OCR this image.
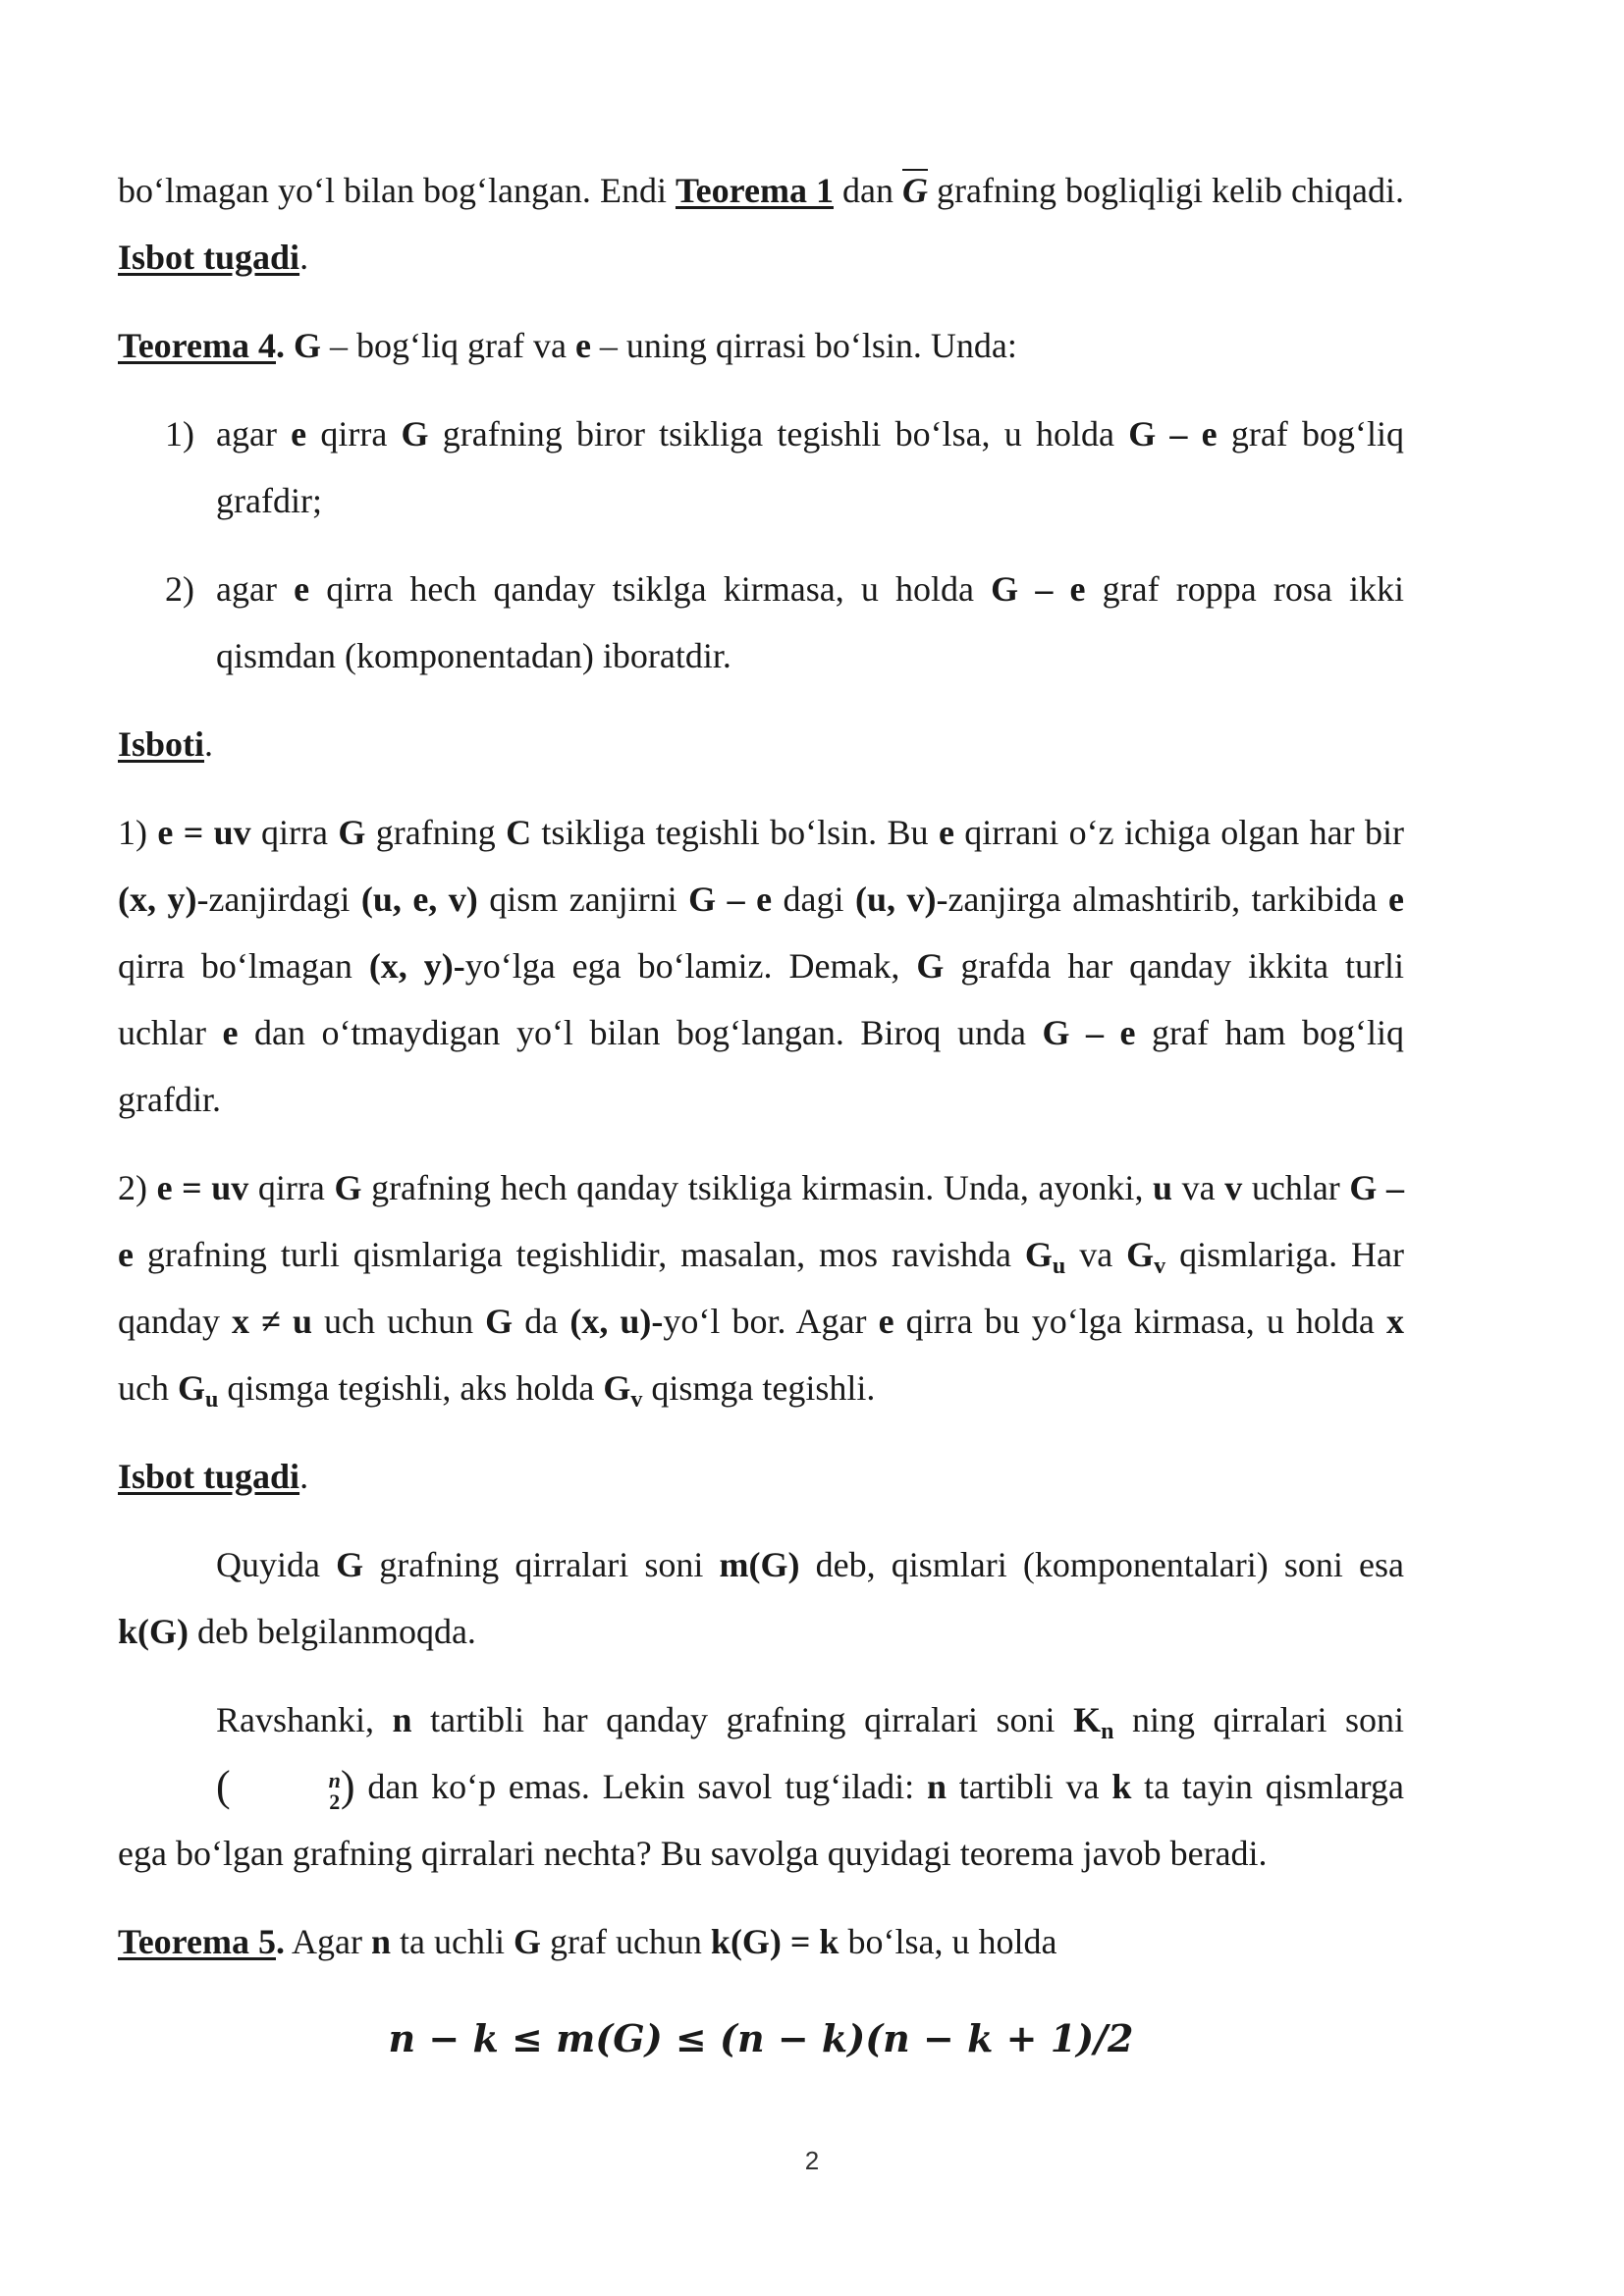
bo‘lmagan yo‘l bilan bog‘langan. Endi Teorema 1 dan $\overline{G}$ grafning bogliqligi kelib chiqadi. Isbot tugadi.

Teorema 4. G – bog‘liq graf va e – uning qirrasi bo‘lsin. Unda:

1) agar e qirra G grafning biror tsikliga tegishli bo‘lsa, u holda G – e graf bog‘liq grafdir;
2) agar e qirra hech qanday tsiklga kirmasa, u holda G – e graf roppa rosa ikki qismdan (komponentadan) iboratdir.

Isboti.

1) e = uv qirra G grafning C tsikliga tegishli bo‘lsin. Bu e qirrani o‘z ichiga olgan har bir (x, y)-zanjirdagi (u, e, v) qism zanjirni G – e dagi (u, v)-zanjirga almashtirib, tarkibida e qirra bo‘lmagan (x, y)-yo‘lga ega bo‘lamiz. Demak, G grafda har qanday ikkita turli uchlar e dan o‘tmaydigan yo‘l bilan bog‘langan. Biroq unda G – e graf ham bog‘liq grafdir.

2) e = uv qirra G grafning hech qanday tsikliga kirmasin. Unda, ayonki, u va v uchlar G – e grafning turli qismlariga tegishlidir, masalan, mos ravishda $G_u$ va $G_v$ qismlariga. Har qanday x ≠ u uch uchun G da (x, u)-yo‘l bor. Agar e qirra bu yo‘lga kirmasa, u holda x uch $G_u$ qismga tegishli, aks holda $G_v$ qismga tegishli.

Isbot tugadi.

Quyida G grafning qirralari soni m(G) deb, qismlari (komponentalari) soni esa k(G) deb belgilanmoqda.

Ravshanki, n tartibli har qanday grafning qirralari soni $K_n$ ning qirralari soni (	n
2 ) dan ko‘p emas. Lekin savol tug‘iladi: n tartibli va k ta tayin qismlarga ega bo‘lgan grafning qirralari nechta? Bu savolga quyidagi teorema javob beradi.

Teorema 5. Agar n ta uchli G graf uchun k(G) = k bo‘lsa, u holda

n − k ≤ m(G) ≤ (n − k)(n − k + 1)/2
2
